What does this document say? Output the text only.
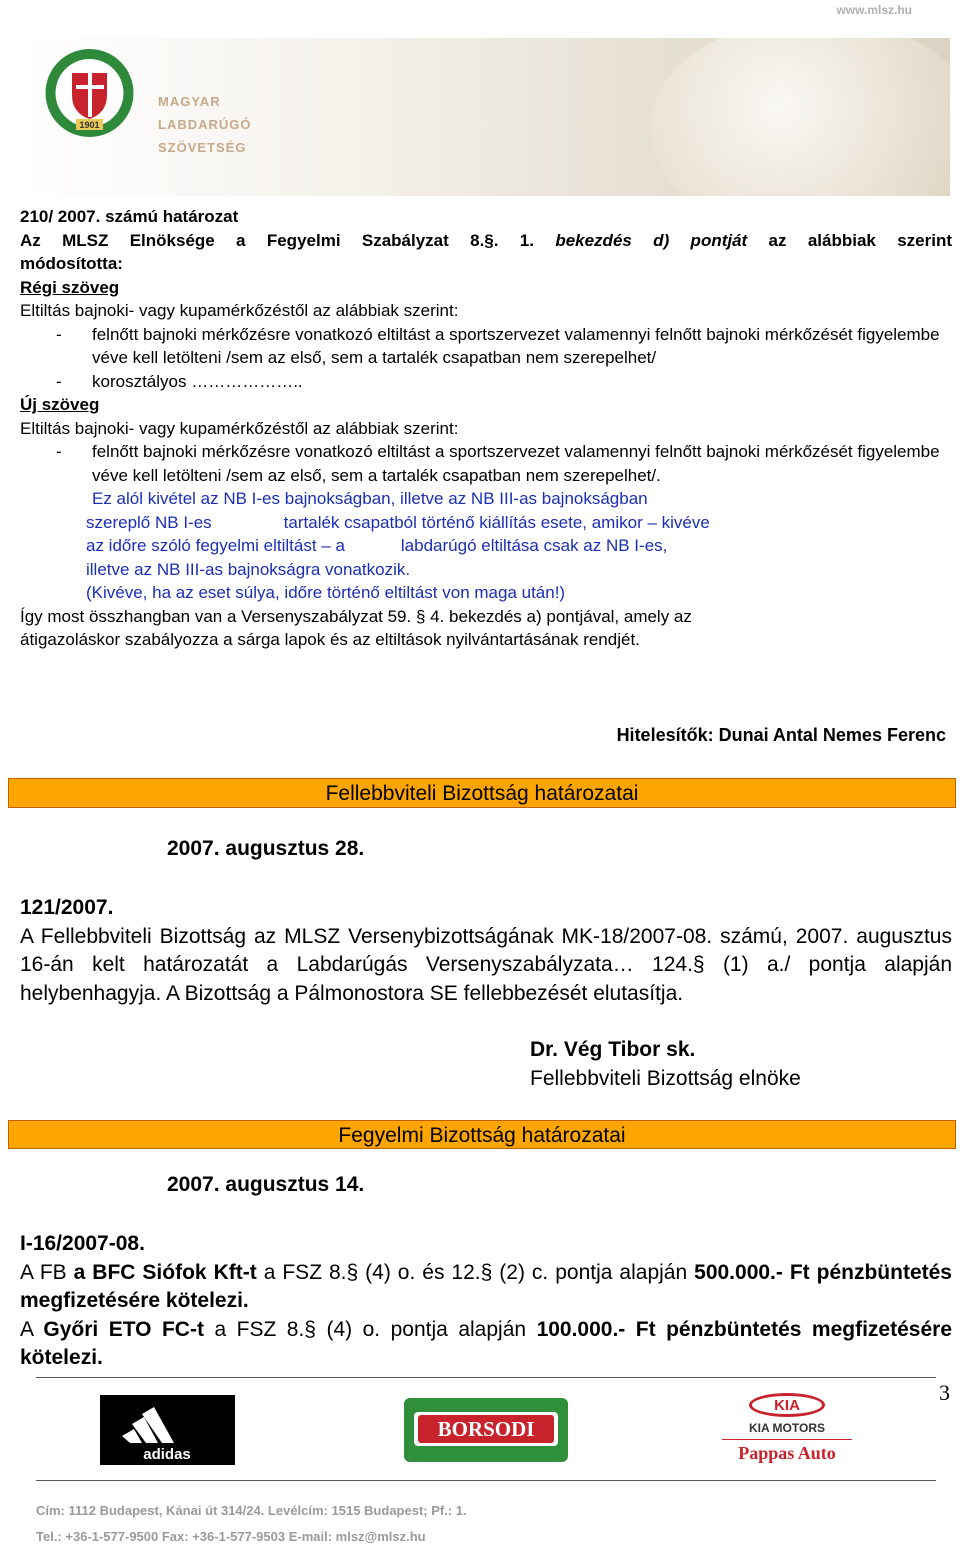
www.mlsz.hu
1901
MAGYAR
LABDARÚGÓ
SZÖVETSÉG
210/ 2007. számú határozat
Az MLSZ Elnöksége a Fegyelmi Szabályzat 8.§. 1. bekezdés d) pontját az alábbiak szerint
módosította:
Régi szöveg
Eltiltás bajnoki- vagy kupamérkőzéstől az alábbiak szerint:
-	felnőtt bajnoki mérkőzésre vonatkozó eltiltást a sportszervezet valamennyi felnőtt bajnoki mérkőzését figyelembe véve kell letölteni /sem az első, sem a tartalék csapatban nem szerepelhet/
-	korosztályos ………………..
Új szöveg
Eltiltás bajnoki- vagy kupamérkőzéstől az alábbiak szerint:
-	felnőtt bajnoki mérkőzésre vonatkozó eltiltást a sportszervezet valamennyi felnőtt bajnoki mérkőzését figyelembe véve kell letölteni /sem az első, sem a tartalék csapatban nem szerepelhet/.
Ez alól kivétel az NB I-es bajnokságban, illetve az NB III-as bajnokságban
szereplő NB I-es	tartalék csapatból történő kiállítás esete, amikor – kivéve
az időre szóló fegyelmi eltiltást – a	labdarúgó eltiltása csak az NB I-es,
illetve az NB III-as bajnokságra vonatkozik.
(Kivéve, ha az eset súlya, időre történő eltiltást von maga után!)
Így most összhangban van a Versenyszabályzat 59. § 4. bekezdés a) pontjával, amely az
átigazoláskor szabályozza a sárga lapok és az eltiltások nyilvántartásának rendjét.
Hitelesítők: Dunai Antal Nemes Ferenc
Fellebbviteli Bizottság határozatai
2007. augusztus 28.
121/2007.
A Fellebbviteli Bizottság az MLSZ Versenybizottságának MK-18/2007-08. számú, 2007. augusztus 16-án kelt határozatát a Labdarúgás Versenyszabályzata… 124.§ (1) a./ pontja alapján helybenhagyja. A Bizottság a Pálmonostora SE fellebbezését elutasítja.
Dr. Vég Tibor sk.
Fellebbviteli Bizottság elnöke
Fegyelmi Bizottság határozatai
2007. augusztus 14.
I-16/2007-08.
A FB a BFC Siófok Kft-t a FSZ 8.§ (4) o. és 12.§ (2) c. pontja alapján 500.000.- Ft pénzbüntetés megfizetésére kötelezi.
A Győri ETO FC-t a FSZ 8.§ (4) o. pontja alapján 100.000.- Ft pénzbüntetés megfizetésére kötelezi.
3
adidas
BORSODI
KIA
KIA MOTORS
Pappas Auto
Cím: 1112 Budapest, Kánai út 314/24. Levélcím: 1515 Budapest; Pf.: 1.
Tel.: +36-1-577-9500 Fax: +36-1-577-9503 E-mail: mlsz@mlsz.hu
